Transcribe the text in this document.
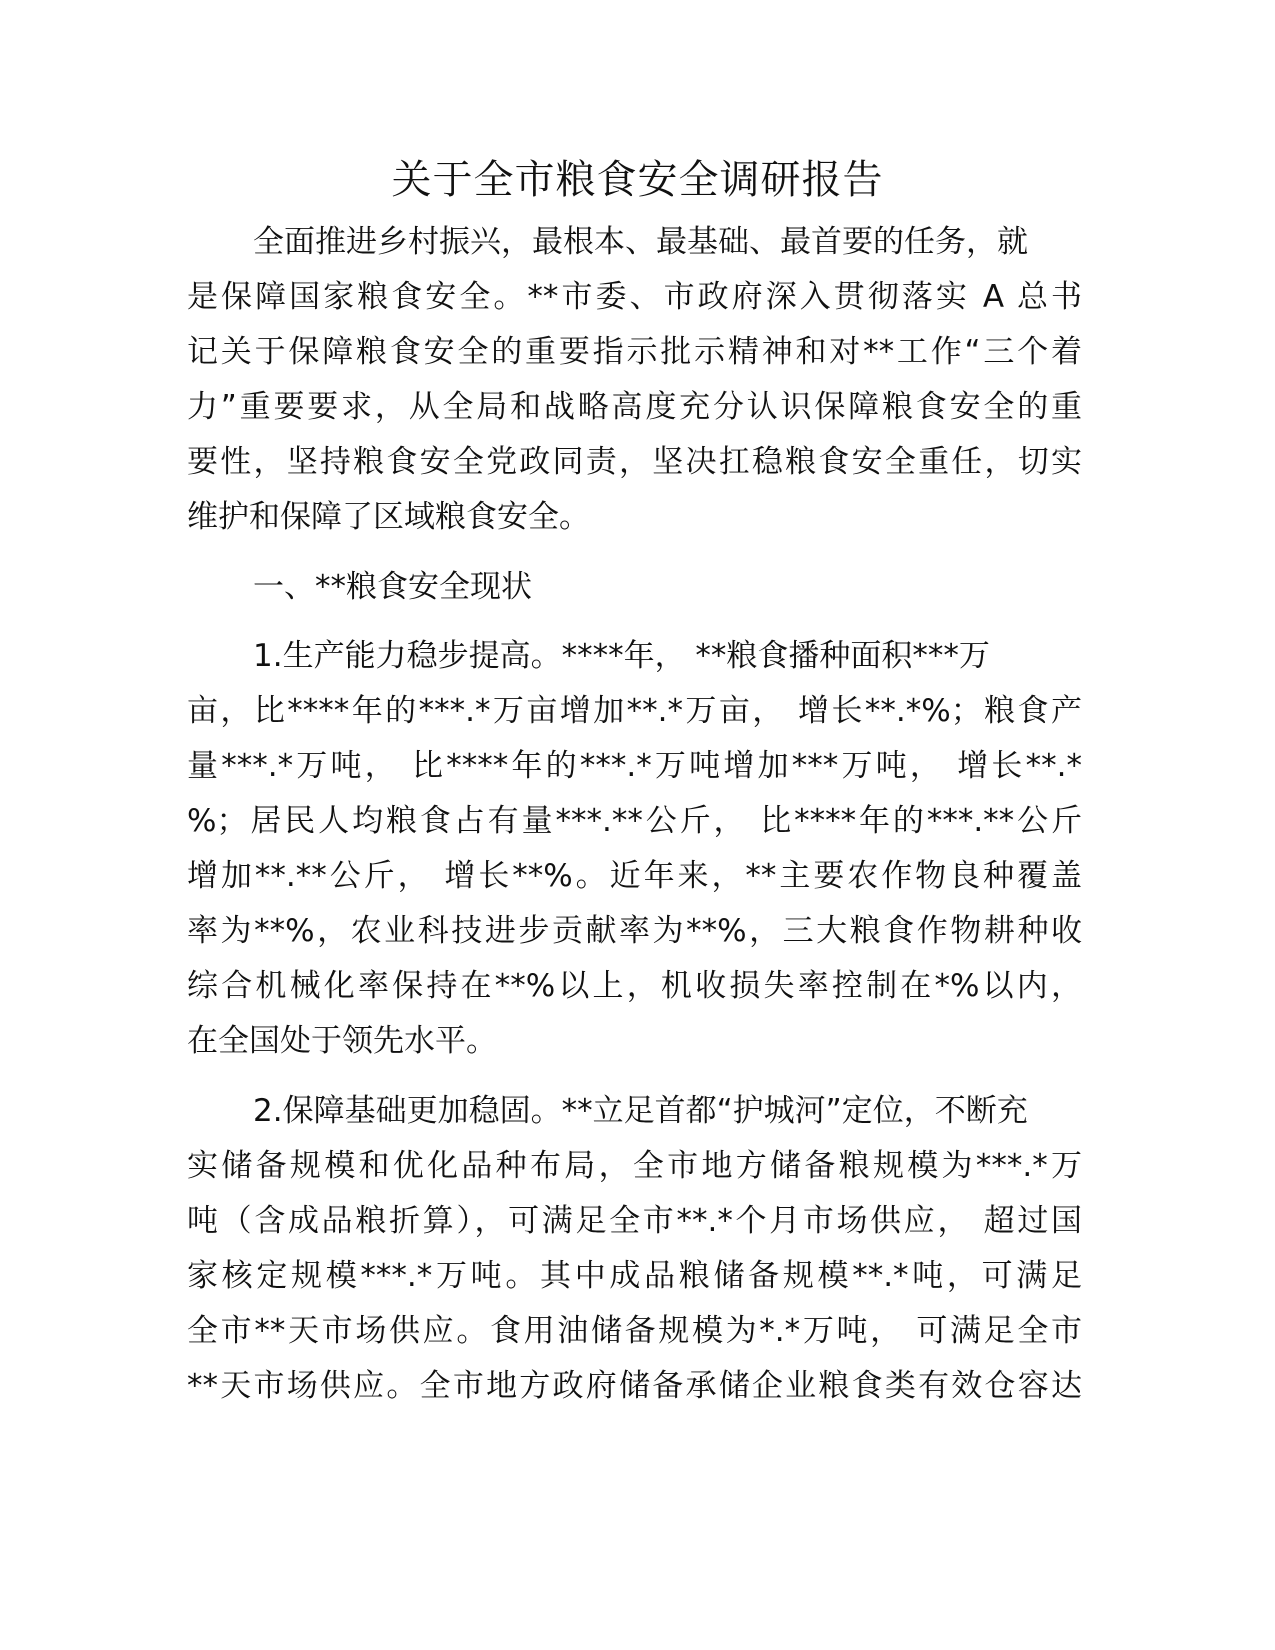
关于全市粮食安全调研报告
全面推进乡村振兴，最根本、最基础、最首要的任务，就
是保障国家粮食安全。**市委、市政府深入贯彻落实 A 总书
记关于保障粮食安全的重要指示批示精神和对**工作“三个着
力”重要要求，从全局和战略高度充分认识保障粮食安全的重
要性，坚持粮食安全党政同责，坚决扛稳粮食安全重任，切实
维护和保障了区域粮食安全。
一、**粮食安全现状
1.生产能力稳步提高。****年， **粮食播种面积***万
亩，比****年的***.*万亩增加**.*万亩， 增长**.*%；粮食产
量***.*万吨， 比****年的***.*万吨增加***万吨， 增长**.*
%；居民人均粮食占有量***.**公斤， 比****年的***.**公斤
增加**.**公斤， 增长**%。近年来，**主要农作物良种覆盖
率为**%，农业科技进步贡献率为**%，三大粮食作物耕种收
综合机械化率保持在**%以上，机收损失率控制在*%以内，
在全国处于领先水平。
2.保障基础更加稳固。**立足首都“护城河”定位，不断充
实储备规模和优化品种布局，全市地方储备粮规模为***.*万
吨（含成品粮折算），可满足全市**.*个月市场供应， 超过国
家核定规模***.*万吨。其中成品粮储备规模**.*吨，可满足
全市**天市场供应。食用油储备规模为*.*万吨， 可满足全市
**天市场供应。全市地方政府储备承储企业粮食类有效仓容达
